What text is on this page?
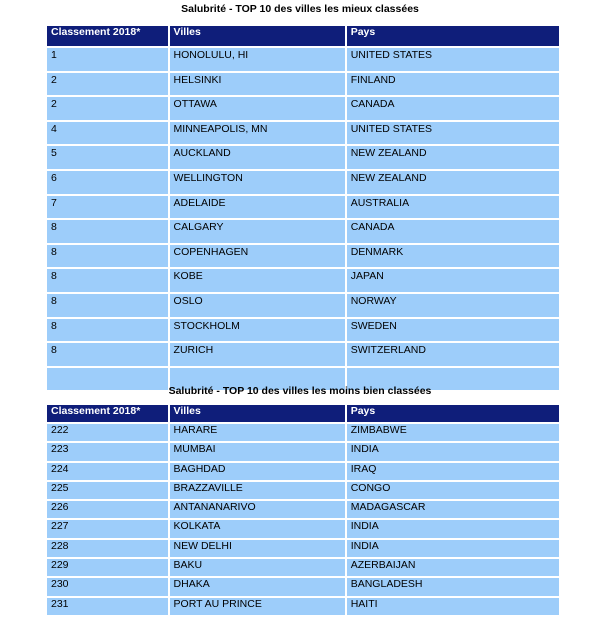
Salubrité - TOP 10 des villes les mieux classées
Classement 2018*	Villes	Pays
1	HONOLULU, HI	UNITED STATES
2	HELSINKI	FINLAND
2	OTTAWA	CANADA
4	MINNEAPOLIS, MN	UNITED STATES
5	AUCKLAND	NEW ZEALAND
6	WELLINGTON	NEW ZEALAND
7	ADELAIDE	AUSTRALIA
8	CALGARY	CANADA
8	COPENHAGEN	DENMARK
8	KOBE	JAPAN
8	OSLO	NORWAY
8	STOCKHOLM	SWEDEN
8	ZURICH	SWITZERLAND

Salubrité - TOP 10 des villes les moins bien classées
Classement 2018*	Villes	Pays
222	HARARE	ZIMBABWE
223	MUMBAI	INDIA
224	BAGHDAD	IRAQ
225	BRAZZAVILLE	CONGO
226	ANTANANARIVO	MADAGASCAR
227	KOLKATA	INDIA
228	NEW DELHI	INDIA
229	BAKU	AZERBAIJAN
230	DHAKA	BANGLADESH
231	PORT AU PRINCE	HAITI
